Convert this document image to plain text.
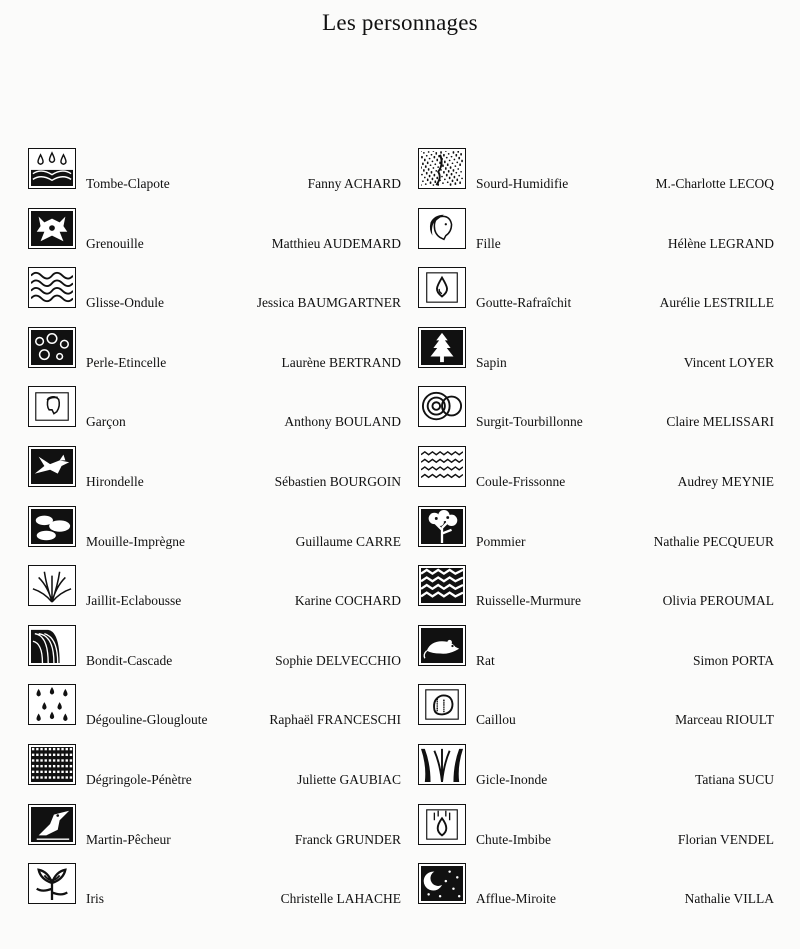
Les personnages
Tombe-Clapote	Fanny ACHARD
Grenouille	Matthieu AUDEMARD
Glisse-Ondule	Jessica BAUMGARTNER
Perle-Etincelle	Laurène BERTRAND
Garçon	Anthony BOULAND
Hirondelle	Sébastien BOURGOIN
Mouille-Imprègne	Guillaume CARRE
Jaillit-Eclabousse	Karine COCHARD
Bondit-Cascade	Sophie DELVECCHIO
Dégouline-Glougloute	Raphaël FRANCESCHI
Dégringole-Pénètre	Juliette GAUBIAC
Martin-Pêcheur	Franck GRUNDER
Iris	Christelle LAHACHE
Sourd-Humidifie	M.-Charlotte LECOQ
Fille	Hélène LEGRAND
Goutte-Rafraîchit	Aurélie LESTRILLE
Sapin	Vincent LOYER
Surgit-Tourbillonne	Claire MELISSARI
Coule-Frissonne	Audrey MEYNIE
Pommier	Nathalie PECQUEUR
Ruisselle-Murmure	Olivia PEROUMAL
Rat	Simon PORTA
Caillou	Marceau RIOULT
Gicle-Inonde	Tatiana SUCU
Chute-Imbibe	Florian VENDEL
Afflue-Miroite	Nathalie VILLA
